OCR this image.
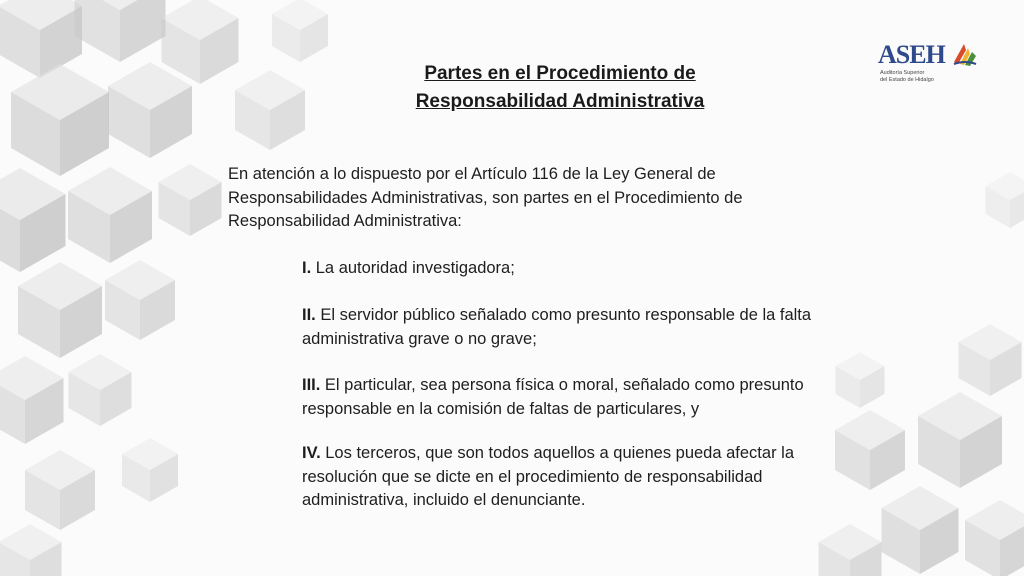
ASEH
Auditoría Superior
del Estado de Hidalgo
Partes en el Procedimiento de
Responsabilidad Administrativa
En atención a lo dispuesto por el Artículo 116 de la Ley General de Responsabilidades Administrativas, son partes en el Procedimiento de Responsabilidad Administrativa:
I. La autoridad investigadora;
II. El servidor público señalado como presunto responsable de la falta administrativa grave o no grave;
III. El particular, sea persona física o moral, señalado como presunto responsable en la comisión de faltas de particulares, y
IV. Los terceros, que son todos aquellos a quienes pueda afectar la resolución que se dicte en el procedimiento de responsabilidad administrativa, incluido el denunciante.
